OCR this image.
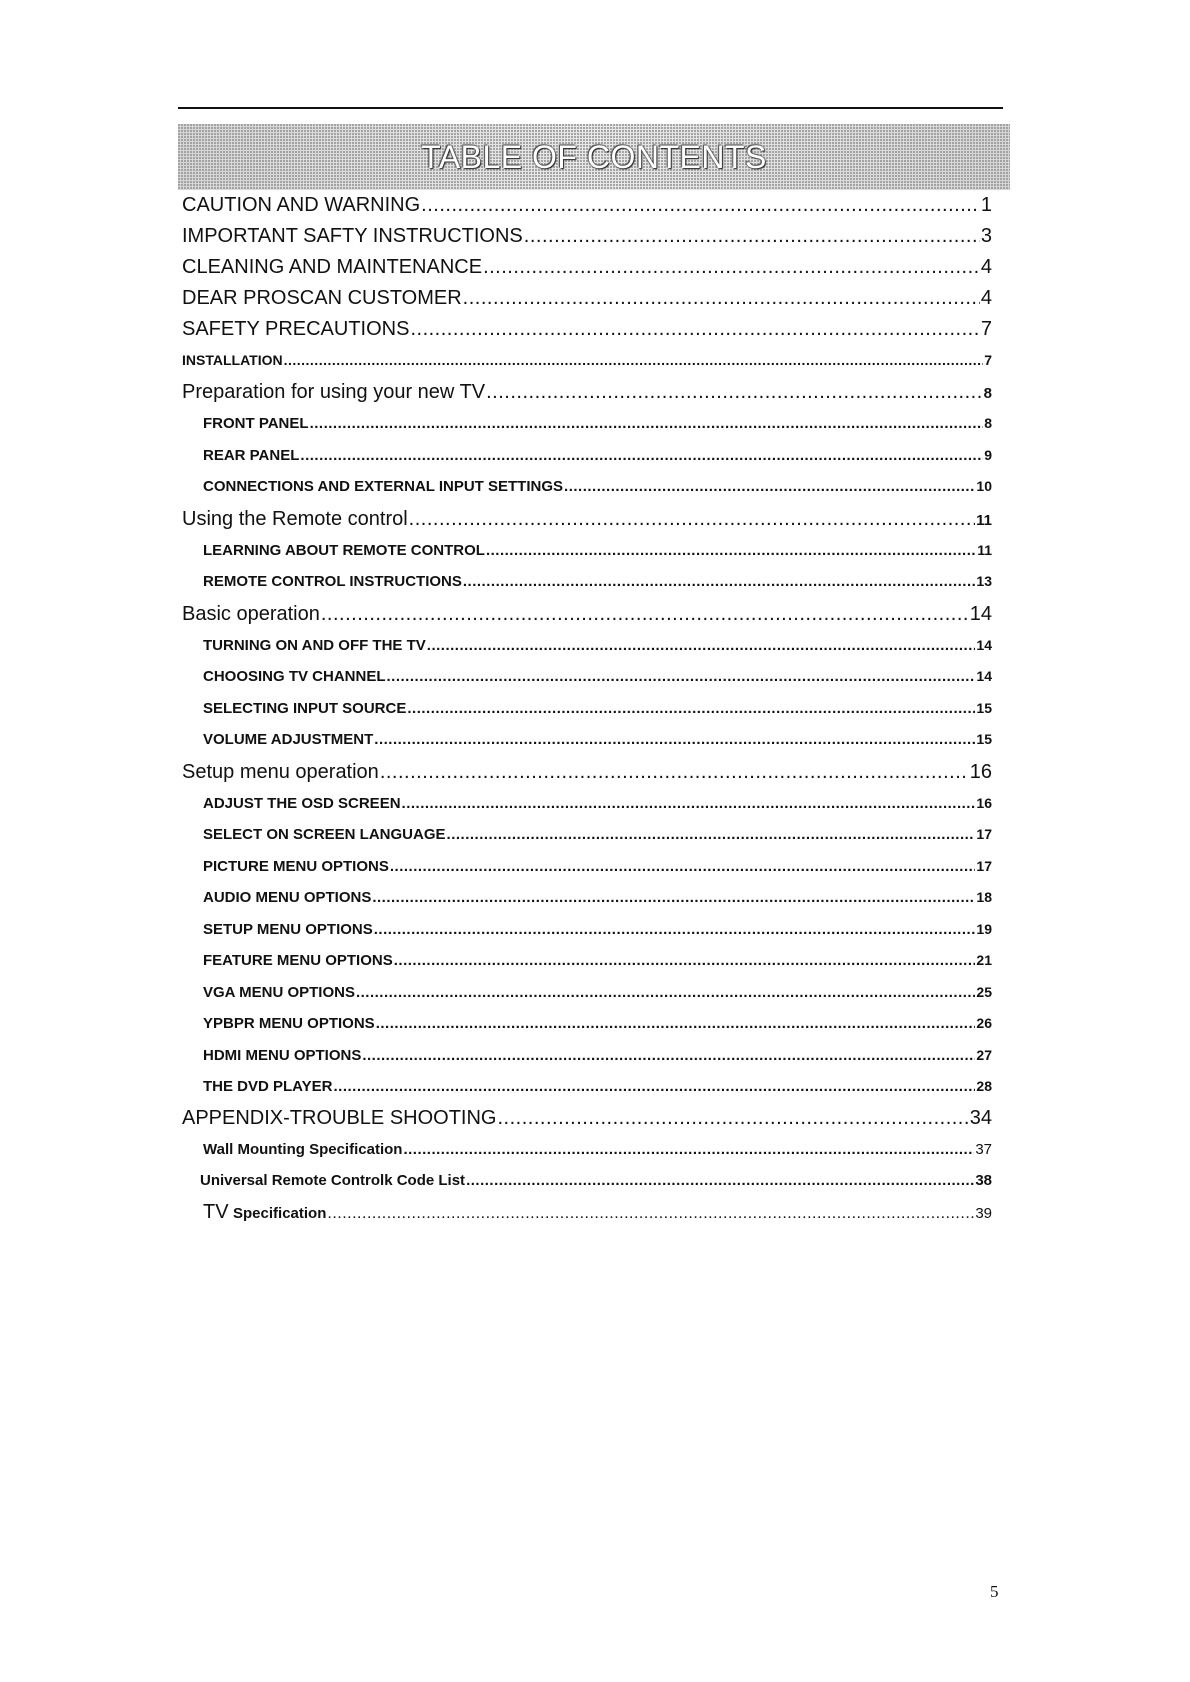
TABLE OF CONTENTS
CAUTION AND WARNING .....	1
IMPORTANT SAFTY INSTRUCTIONS .....	3
CLEANING AND MAINTENANCE .....	4
DEAR PROSCAN CUSTOMER .....	4
SAFETY PRECAUTIONS .....	7
INSTALLATION .....	7
Preparation for using your new TV .....	8
FRONT PANEL .....	8
REAR PANEL .....	9
CONNECTIONS AND EXTERNAL INPUT SETTINGS .....	10
Using the Remote control .....	11
LEARNING ABOUT REMOTE CONTROL .....	11
REMOTE CONTROL INSTRUCTIONS .....	13
Basic operation .....	14
TURNING ON AND OFF THE TV .....	14
CHOOSING TV CHANNEL .....	14
SELECTING INPUT SOURCE .....	15
VOLUME ADJUSTMENT .....	15
Setup menu operation .....	16
ADJUST THE OSD SCREEN .....	16
SELECT ON SCREEN LANGUAGE .....	17
PICTURE MENU OPTIONS .....	17
AUDIO MENU OPTIONS .....	18
SETUP MENU OPTIONS .....	19
FEATURE MENU OPTIONS .....	21
VGA MENU OPTIONS .....	25
YPBPR MENU OPTIONS .....	26
HDMI MENU OPTIONS .....	27
THE DVD PLAYER .....	28
APPENDIX-TROUBLE SHOOTING .....	34
Wall Mounting Specification .....	37
Universal Remote Controlk Code List .....	38
TV Specification .....	39
5
